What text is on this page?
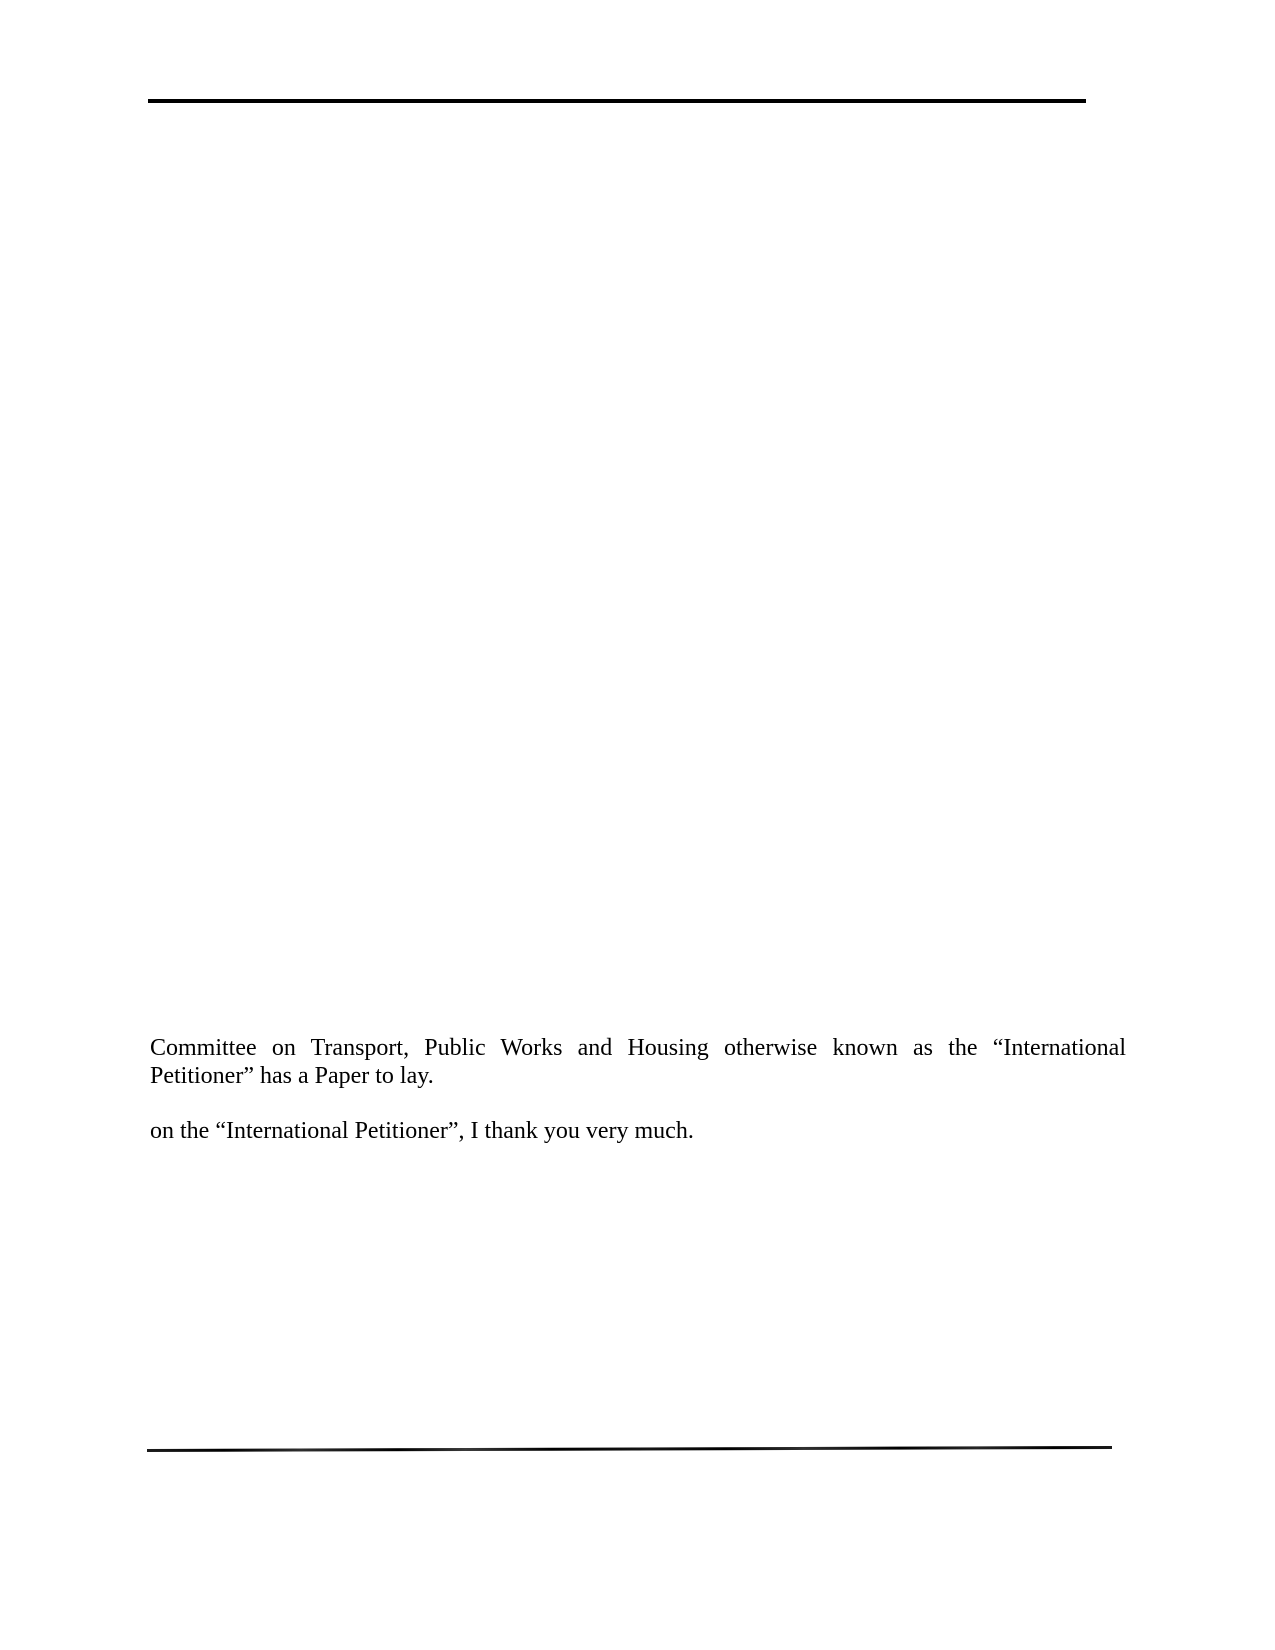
Committee on Transport, Public Works and Housing otherwise known as the “International
Petitioner” has a Paper to lay.
on the “International Petitioner”, I thank you very much.
